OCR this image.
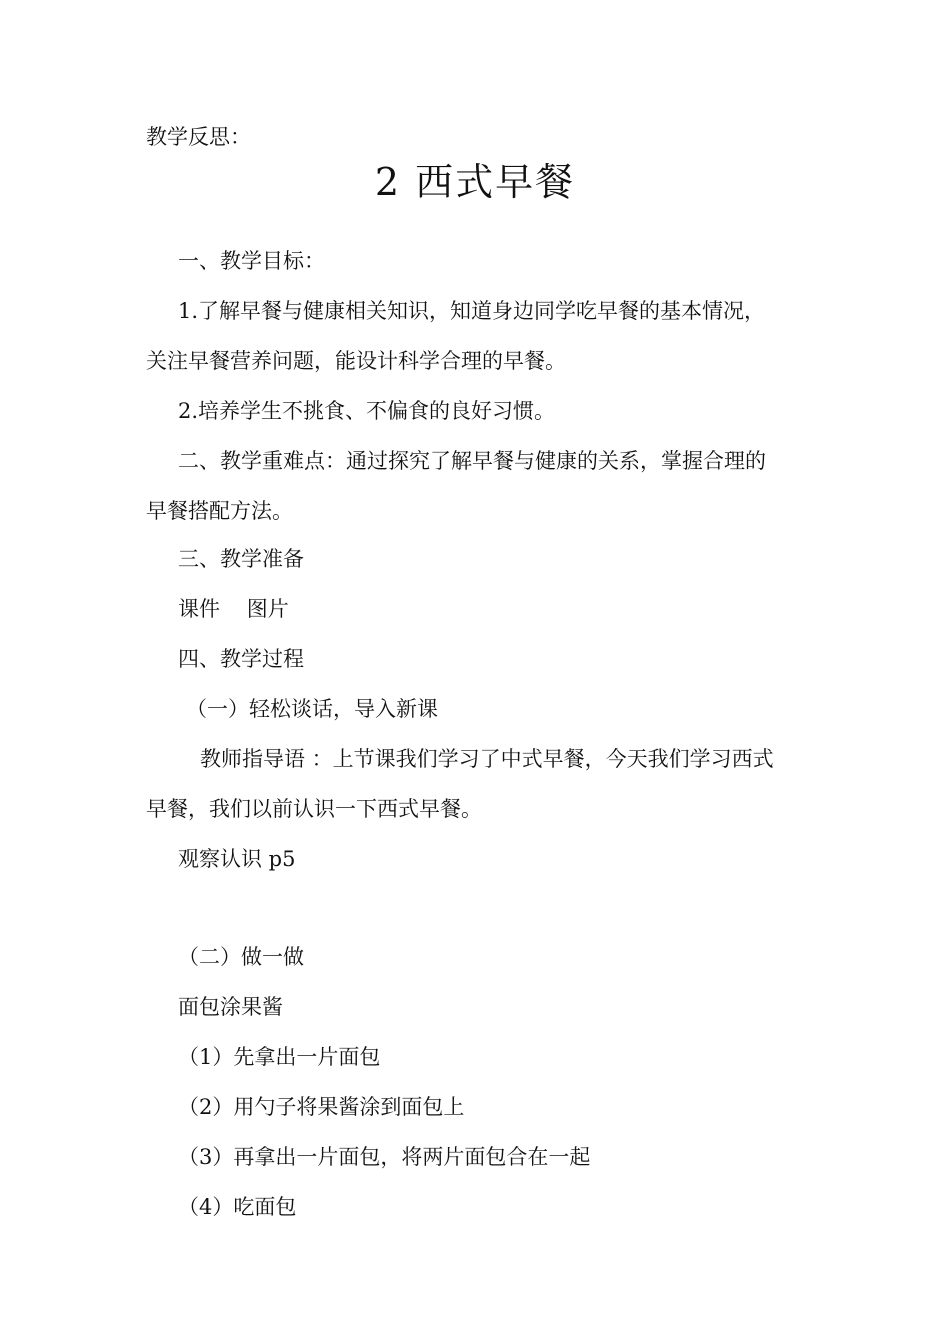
教学反思：

2 西式早餐

一、教学目标：

1.了解早餐与健康相关知识，知道身边同学吃早餐的基本情况，

关注早餐营养问题，能设计科学合理的早餐。

2.培养学生不挑食、不偏食的良好习惯。

二、教学重难点：通过探究了解早餐与健康的关系，掌握合理的

早餐搭配方法。

三、教学准备

课件    图片

四、教学过程

（一）轻松谈话，导入新课

教师指导语 ：上节课我们学习了中式早餐，今天我们学习西式

早餐，我们以前认识一下西式早餐。

观察认识 p5

（二）做一做

面包涂果酱

（1）先拿出一片面包

（2）用勺子将果酱涂到面包上

（3）再拿出一片面包，将两片面包合在一起

（4）吃面包
